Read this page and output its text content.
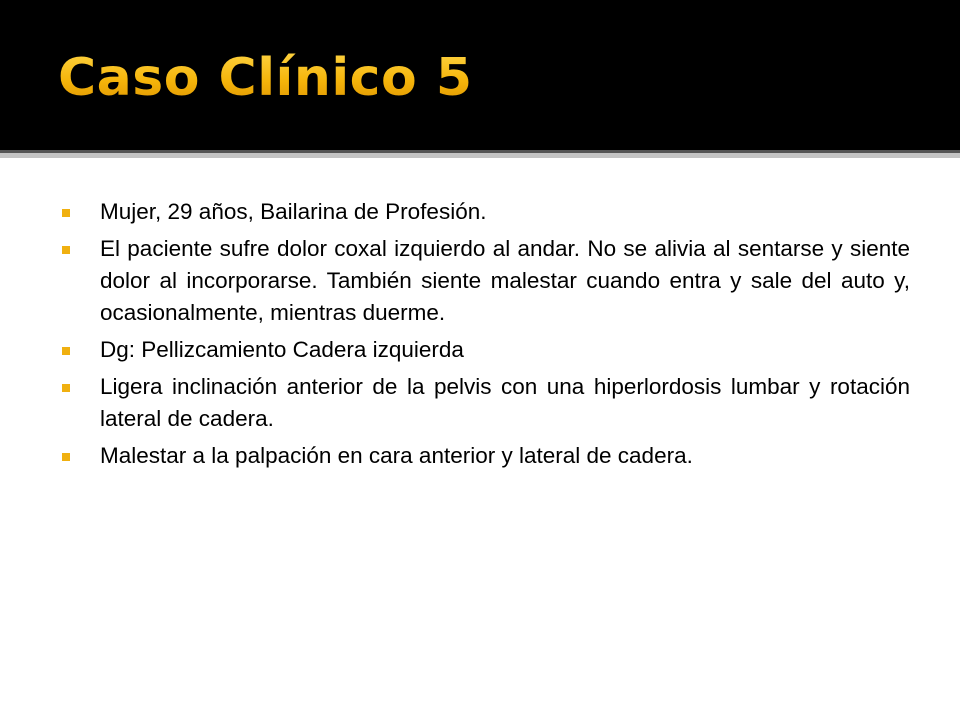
Caso Clínico 5
Mujer, 29 años, Bailarina de Profesión.
El paciente sufre dolor coxal izquierdo al andar. No se alivia al sentarse y siente dolor al incorporarse. También siente malestar cuando entra y sale del auto y, ocasionalmente, mientras duerme.
Dg: Pellizcamiento Cadera izquierda
Ligera inclinación anterior de la pelvis con una hiperlordosis lumbar y rotación lateral de cadera.
Malestar a la palpación en cara anterior y lateral de cadera.
